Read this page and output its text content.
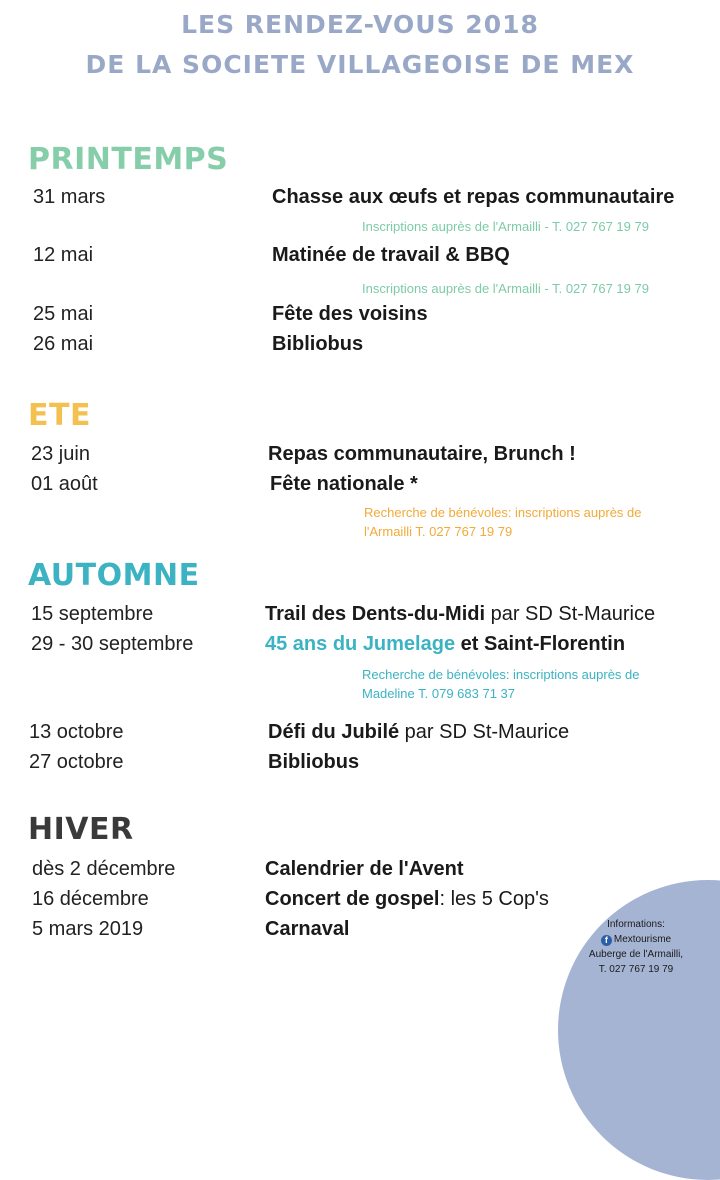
LES RENDEZ-VOUS 2018
DE LA SOCIETE VILLAGEOISE DE MEX
PRINTEMPS
31 mars	Chasse aux œufs et repas communautaire
Inscriptions auprès de l'Armailli - T. 027 767 19 79
12 mai	Matinée de travail & BBQ
Inscriptions auprès de l'Armailli - T. 027 767 19 79
25 mai	Fête des voisins
26 mai	Bibliobus
ETE
23 juin	Repas communautaire, Brunch !
01 août	Fête nationale *
Recherche de bénévoles: inscriptions auprès de
l'Armailli T. 027 767 19 79
AUTOMNE
15 septembre	Trail des Dents-du-Midi par SD St-Maurice
29 - 30 septembre	45 ans du Jumelage et Saint-Florentin
Recherche de bénévoles: inscriptions auprès de
Madeline T. 079 683 71 37
13 octobre	Défi du Jubilé par SD St-Maurice
27 octobre	Bibliobus
HIVER
dès 2 décembre	Calendrier de l'Avent
16 décembre	Concert de gospel: les 5 Cop's
5 mars 2019	Carnaval	Informations:
f Mextourisme
Auberge de l'Armailli,
T. 027 767 19 79
